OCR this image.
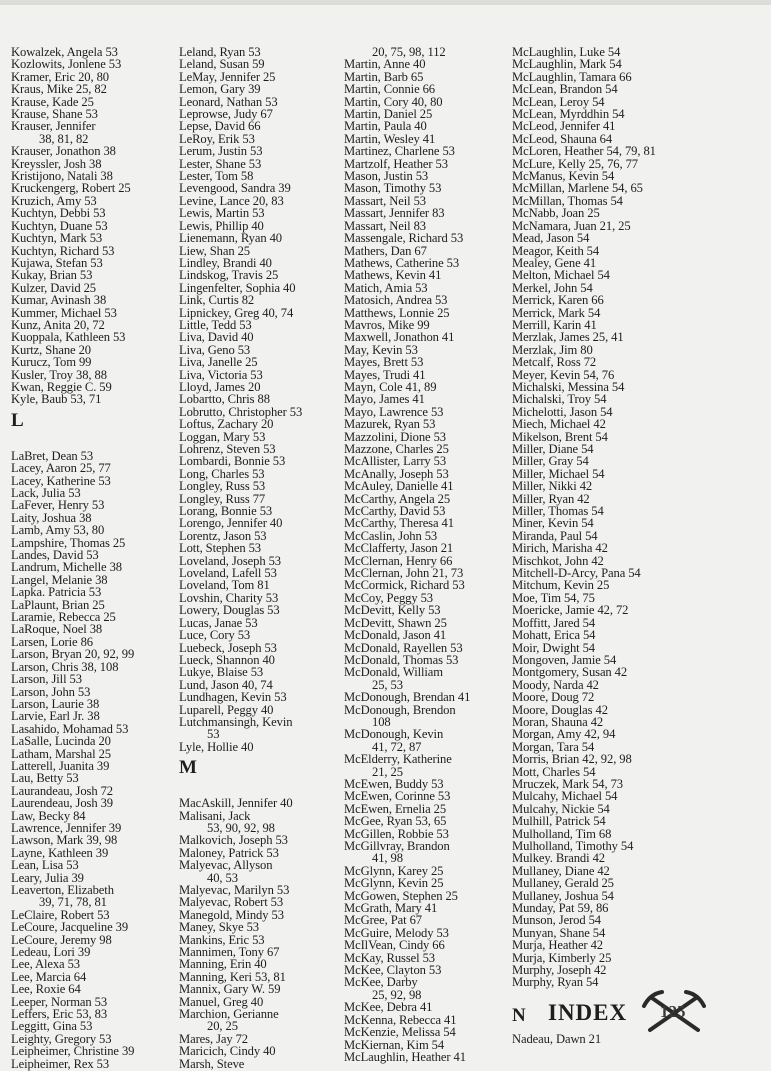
Kowalzek, Angela 53
Kozlowits, Jonlene 53
Kramer, Eric 20, 80
Kraus, Mike 25, 82
Krause, Kade 25
Krause, Shane 53
Krauser, Jennifer
38, 81, 82
Krauser, Jonathon 38
Kreyssler, Josh 38
Kristijono, Natali 38
Kruckengerg, Robert 25
Kruzich, Amy 53
Kuchtyn, Debbi 53
Kuchtyn, Duane 53
Kuchtyn, Mark 53
Kuchtyn, Richard 53
Kujawa, Stefan 53
Kukay, Brian 53
Kulzer, David 25
Kumar, Avinash 38
Kummer, Michael 53
Kunz, Anita 20, 72
Kuoppala, Kathleen 53
Kurtz, Shane 20
Kurucz, Tom 99
Kusler, Troy 38, 88
Kwan, Reggie C. 59
Kyle, Baub 53, 71
L
LaBret, Dean 53
Lacey, Aaron 25, 77
Lacey, Katherine 53
Lack, Julia 53
LaFever, Henry 53
Laity, Joshua 38
Lamb, Amy 53, 80
Lampshire, Thomas 25
Landes, David 53
Landrum, Michelle 38
Langel, Melanie 38
Lapka. Patricia 53
LaPlaunt, Brian 25
Laramie, Rebecca 25
LaRoque, Noel 38
Larsen, Lorie 86
Larson, Bryan 20, 92, 99
Larson, Chris 38, 108
Larson, Jill 53
Larson, John 53
Larson, Laurie 38
Larvie, Earl Jr. 38
Lasahido, Mohamad 53
LaSalle, Lucinda 20
Latham, Marshal 25
Latterell, Juanita 39
Lau, Betty 53
Laurandeau, Josh 72
Laurendeau, Josh 39
Law, Becky 84
Lawrence, Jennifer 39
Lawson, Mark 39, 98
Layne, Kathleen 39
Lean, Lisa 53
Leary, Julia 39
Leaverton, Elizabeth
39, 71, 78, 81
LeClaire, Robert 53
LeCoure, Jacqueline 39
LeCoure, Jeremy 98
Ledeau, Lori 39
Lee, Alexa 53
Lee, Marcia 64
Lee, Roxie 64
Leeper, Norman 53
Leffers, Eric 53, 83
Leggitt, Gina 53
Leighty, Gregory 53
Leipheimer, Christine 39
Leipheimer, Rex 53
Leland, Ryan 53
Leland, Susan 59
LeMay, Jennifer 25
Lemon, Gary 39
Leonard, Nathan 53
Leprowse, Judy 67
Lepse, David 66
LeRoy, Erik 53
Lerum, Justin 53
Lester, Shane 53
Lester, Tom 58
Levengood, Sandra 39
Levine, Lance 20, 83
Lewis, Martin 53
Lewis, Phillip 40
Lienemann, Ryan 40
Liew, Shan 25
Lindley, Brandi 40
Lindskog, Travis 25
Lingenfelter, Sophia 40
Link, Curtis 82
Lipnickey, Greg 40, 74
Little, Tedd 53
Liva, David 40
Liva, Geno 53
Liva, Janelle 25
Liva, Victoria 53
Lloyd, James 20
Lobartto, Chris 88
Lobrutto, Christopher 53
Loftus, Zachary 20
Loggan, Mary 53
Lohrenz, Steven 53
Lombardi, Bonnie 53
Long, Charles 53
Longley, Russ 53
Longley, Russ 77
Lorang, Bonnie 53
Lorengo, Jennifer 40
Lorentz, Jason 53
Lott, Stephen 53
Loveland, Joseph 53
Loveland, Lafell 53
Loveland, Tom 81
Lovshin, Charity 53
Lowery, Douglas 53
Lucas, Janae 53
Luce, Cory 53
Luebeck, Joseph 53
Lueck, Shannon 40
Lukye, Blaise 53
Lund, Jason 40, 74
Lundhagen, Kevin 53
Luparell, Peggy 40
Lutchmansingh, Kevin
53
Lyle, Hollie 40
M
MacAskill, Jennifer 40
Malisani, Jack
53, 90, 92, 98
Malkovich, Joseph 53
Maloney, Patrick 53
Malyevac, Allyson
40, 53
Malyevac, Marilyn 53
Malyevac, Robert 53
Manegold, Mindy 53
Maney, Skye 53
Mankins, Eric 53
Mannimen, Tony 67
Manning, Erin 40
Manning, Keri 53, 81
Mannix, Gary W. 59
Manuel, Greg 40
Marchion, Gerianne
20, 25
Mares, Jay 72
Maricich, Cindy 40
Marsh, Steve
20, 75, 98, 112
Martin, Anne 40
Martin, Barb 65
Martin, Connie 66
Martin, Cory 40, 80
Martin, Daniel 25
Martin, Paula 40
Martin, Wesley 41
Martinez, Charlene 53
Martzolf, Heather 53
Mason, Justin 53
Mason, Timothy 53
Massart, Neil 53
Massart, Jennifer 83
Massart, Neil 83
Massengale, Richard 53
Mathers, Dan 67
Mathews, Catherine 53
Mathews, Kevin 41
Matich, Amia 53
Matosich, Andrea 53
Matthews, Lonnie 25
Mavros, Mike 99
Maxwell, Jonathon 41
May, Kevin 53
Mayes, Brett 53
Mayes, Trudi 41
Mayn, Cole 41, 89
Mayo, James 41
Mayo, Lawrence 53
Mazurek, Ryan 53
Mazzolini, Dione 53
Mazzone, Charles 25
McAllister, Larry 53
McAnally, Joseph 53
McAuley, Danielle 41
McCarthy, Angela 25
McCarthy, David 53
McCarthy, Theresa 41
McCaslin, John 53
McClafferty, Jason 21
McClernan, Henry 66
McClernan, John 21, 73
McCormick, Richard 53
McCoy, Peggy 53
McDevitt, Kelly 53
McDevitt, Shawn 25
McDonald, Jason 41
McDonald, Rayellen 53
McDonald, Thomas 53
McDonald, William
25, 53
McDonough, Brendan 41
McDonough, Brendon
108
McDonough, Kevin
41, 72, 87
McElderry, Katherine
21, 25
McEwen, Buddy 53
McEwen, Corinne 53
McEwen, Ernelia 25
McGee, Ryan 53, 65
McGillen, Robbie 53
McGillvray, Brandon
41, 98
McGlynn, Karey 25
McGlynn, Kevin 25
McGowen, Stephen 25
McGrath, Mary 41
McGree, Pat 67
McGuire, Melody 53
McIlVean, Cindy 66
McKay, Russel 53
McKee, Clayton 53
McKee, Darby
25, 92, 98
McKee, Debra 41
McKenna, Rebecca 41
McKenzie, Melissa 54
McKiernan, Kim 54
McLaughlin, Heather 41
McLaughlin, Luke 54
McLaughlin, Mark 54
McLaughlin, Tamara 66
McLean, Brandon 54
McLean, Leroy 54
McLean, Myrddhin 54
McLeod, Jennifer 41
McLeod, Shauna 64
McLoren, Heather 54, 79, 81
McLure, Kelly 25, 76, 77
McManus, Kevin 54
McMillan, Marlene 54, 65
McMillan, Thomas 54
McNabb, Joan 25
McNamara, Juan 21, 25
Mead, Jason 54
Meagor, Keith 54
Mealey, Gene 41
Melton, Michael 54
Merkel, John 54
Merrick, Karen 66
Merrick, Mark 54
Merrill, Karin 41
Merzlak, James 25, 41
Merzlak, Jim 80
Metcalf, Ross 72
Meyer, Kevin 54, 76
Michalski, Messina 54
Michalski, Troy 54
Michelotti, Jason 54
Miech, Michael 42
Mikelson, Brent 54
Miller, Diane 54
Miller, Gray 54
Miller, Michael 54
Miller, Nikki 42
Miller, Ryan 42
Miller, Thomas 54
Miner, Kevin 54
Miranda, Paul 54
Mirich, Marisha 42
Mischkot, John 42
Mitchell-D-Arcy, Pana 54
Mitchum, Kevin 25
Moe, Tim 54, 75
Moericke, Jamie 42, 72
Moffitt, Jared 54
Mohatt, Erica 54
Moir, Dwight 54
Mongoven, Jamie 54
Montgomery, Susan 42
Moody, Narda 42
Moore, Doug 72
Moore, Douglas 42
Moran, Shauna 42
Morgan, Amy 42, 94
Morgan, Tara 54
Morris, Brian 42, 92, 98
Mott, Charles 54
Mruczek, Mark 54, 73
Mulcahy, Michael 54
Mulcahy, Nickie 54
Mulhill, Patrick 54
Mulholland, Tim 68
Mulholland, Timothy 54
Mulkey. Brandi 42
Mullaney, Diane 42
Mullaney, Gerald 25
Mullaney, Joshua 54
Munday, Pat 59, 86
Munson, Jerod 54
Munyan, Shane 54
Murja, Heather 42
Murja, Kimberly 25
Murphy, Joseph 42
Murphy, Ryan 54
N
Nadeau, Dawn 21
INDEX 125
